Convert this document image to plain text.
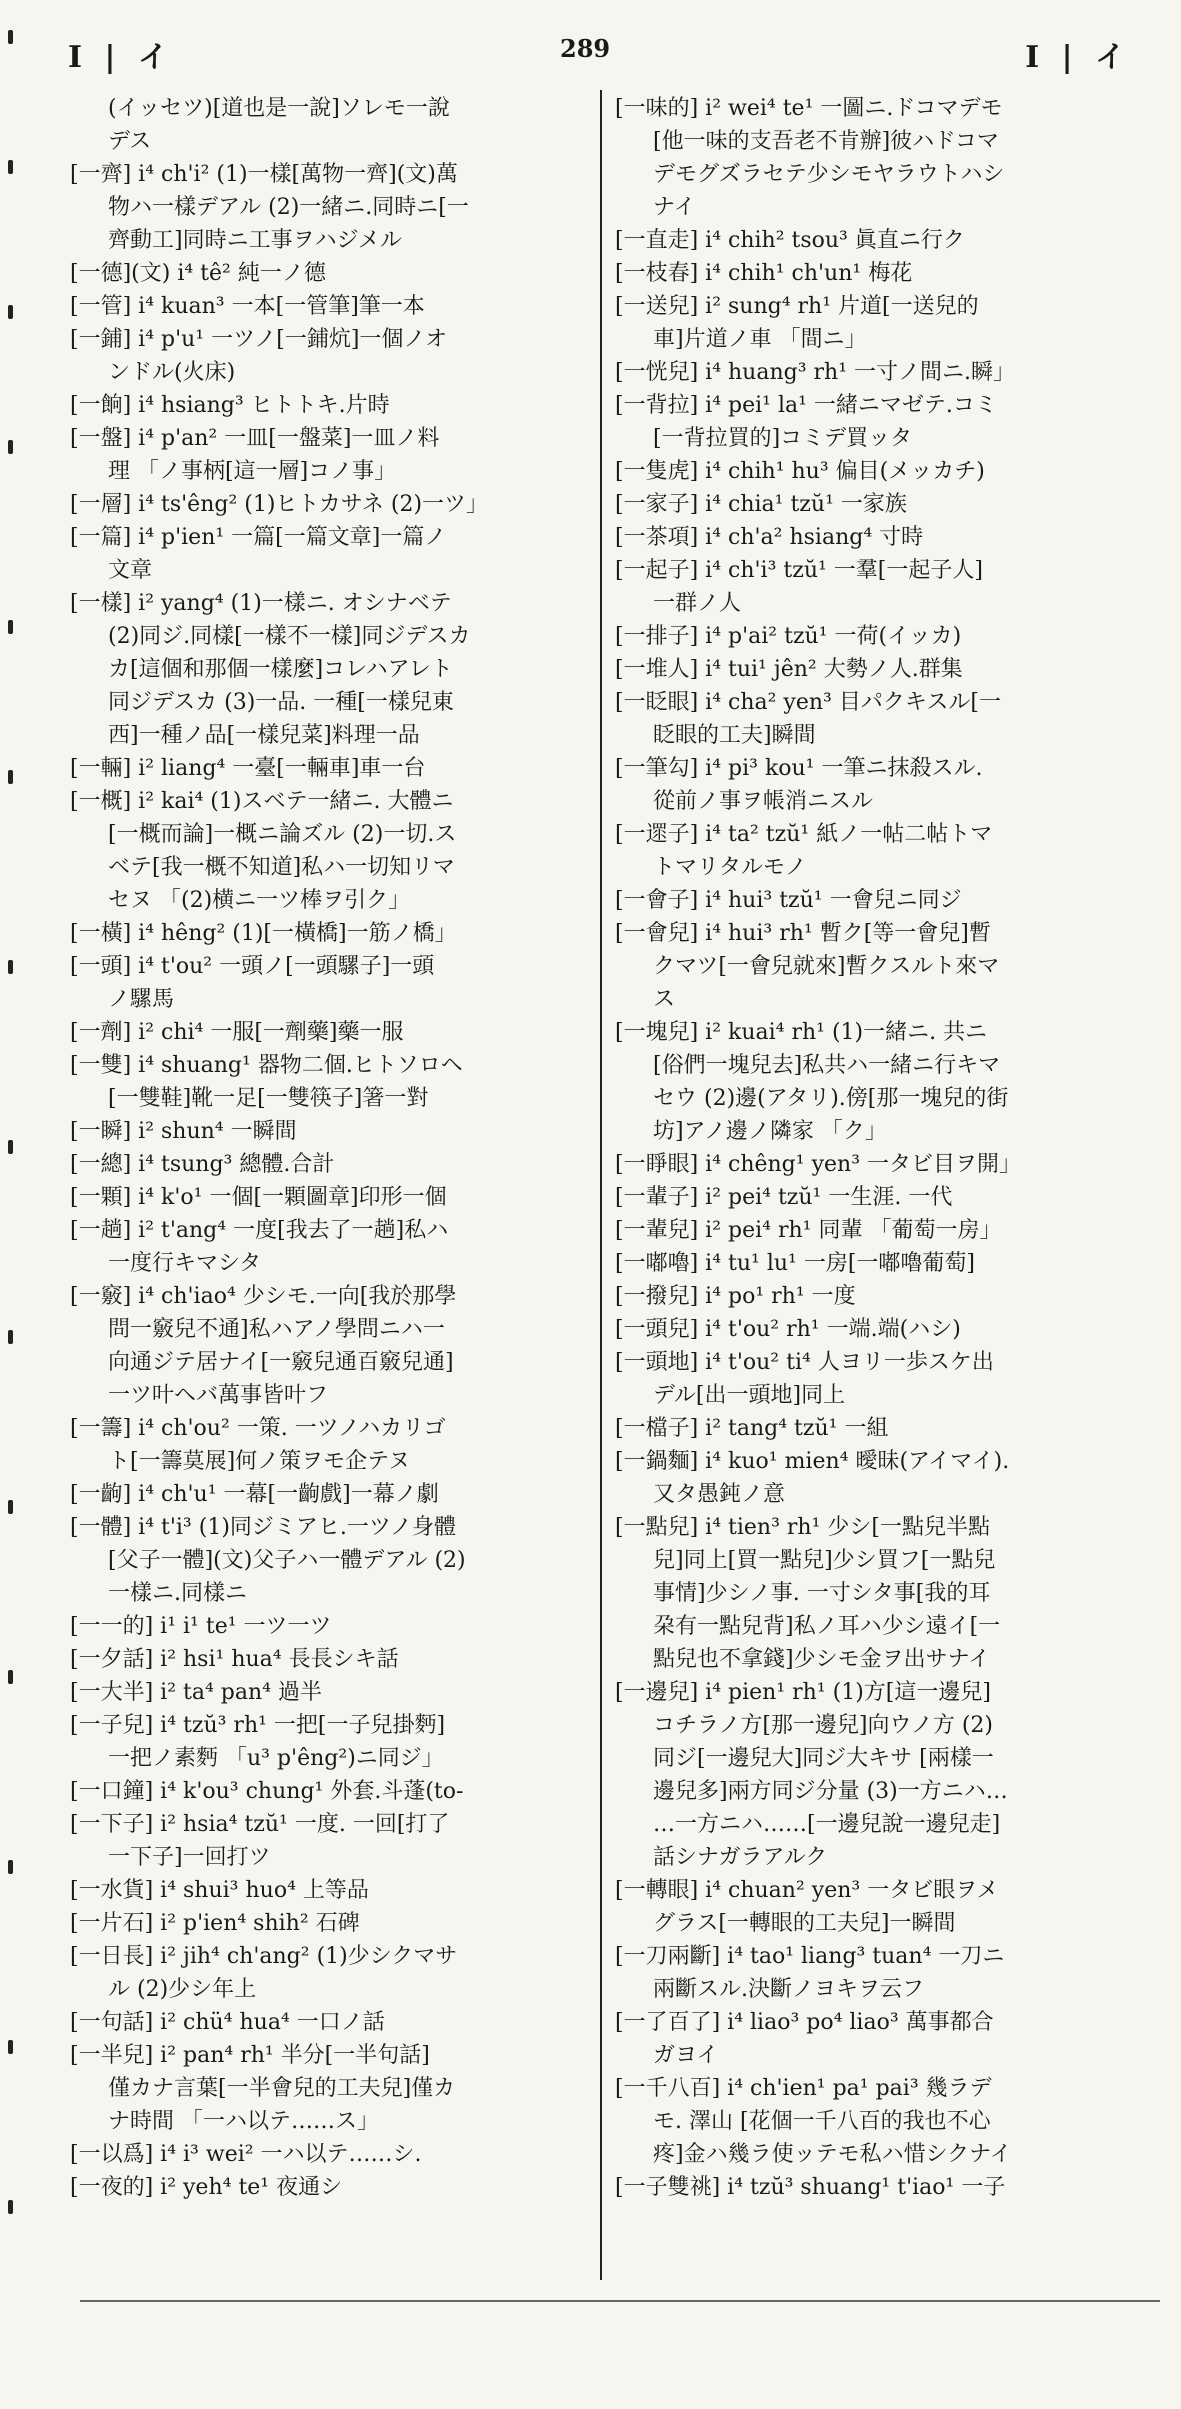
I | イ	289	I | イ
(イッセツ)[道也是一說]ソレモ一說
デス
[一齊] i⁴ ch'i² (1)一樣[萬物一齊](文)萬
物ハ一樣デアル (2)一緒ニ.同時ニ[一
齊動工]同時ニ工事ヲハジメル
[一德](文) i⁴ tê² 純一ノ德
[一管] i⁴ kuan³ 一本[一管筆]筆一本
[一鋪] i⁴ p'u¹ 一ツノ[一鋪炕]一個ノオ
ンドル(火床)
[一餉] i⁴ hsiang³ ヒトトキ.片時
[一盤] i⁴ p'an² 一皿[一盤菜]一皿ノ料
理 「ノ事柄[這一層]コノ事」
[一層] i⁴ ts'êng² (1)ヒトカサネ (2)一ツ」
[一篇] i⁴ p'ien¹ 一篇[一篇文章]一篇ノ
文章
[一樣] i² yang⁴ (1)一樣ニ. オシナベテ
(2)同ジ.同樣[一樣不一樣]同ジデスカ
カ[這個和那個一樣麼]コレハアレト
同ジデスカ (3)一品. 一種[一樣兒東
西]一種ノ品[一樣兒菜]料理一品
[一輛] i² liang⁴ 一臺[一輛車]車一台
[一概] i² kai⁴ (1)スベテ一緒ニ. 大體ニ
[一概而論]一概ニ論ズル (2)一切.ス
ベテ[我一概不知道]私ハ一切知リマ
セヌ 「(2)横ニ一ツ棒ヲ引ク」
[一橫] i⁴ hêng² (1)[一橫橋]一筋ノ橋」
[一頭] i⁴ t'ou² 一頭ノ[一頭騾子]一頭
ノ騾馬
[一劑] i² chi⁴ 一服[一劑藥]藥一服
[一雙] i⁴ shuang¹ 器物二個.ヒトソロヘ
[一雙鞋]靴一足[一雙筷子]箸一對
[一瞬] i² shun⁴ 一瞬間
[一總] i⁴ tsung³ 總體.合計
[一顆] i⁴ k'o¹ 一個[一顆圖章]印形一個
[一趟] i² t'ang⁴ 一度[我去了一趟]私ハ
一度行キマシタ
[一竅] i⁴ ch'iao⁴ 少シモ.一向[我於那學
問一竅兒不通]私ハアノ學問ニハ一
向通ジテ居ナイ[一竅兒通百竅兒通]
一ツ叶ヘバ萬事皆叶フ
[一籌] i⁴ ch'ou² 一策. 一ツノハカリゴ
ト[一籌莫展]何ノ策ヲモ企テヌ
[一齣] i⁴ ch'u¹ 一幕[一齣戲]一幕ノ劇
[一體] i⁴ t'i³ (1)同ジミアヒ.一ツノ身體
[父子一體](文)父子ハ一體デアル (2)
一樣ニ.同樣ニ
[一一的] i¹ i¹ te¹ 一ツ一ツ
[一夕話] i² hsi¹ hua⁴ 長長シキ話
[一大半] i² ta⁴ pan⁴ 過半
[一子兒] i⁴ tzŭ³ rh¹ 一把[一子兒掛麪]
一把ノ素麪 「u³ p'êng²)ニ同ジ」
[一口鐘] i⁴ k'ou³ chung¹ 外套.斗蓬(to-
[一下子] i² hsia⁴ tzŭ¹ 一度. 一回[打了
一下子]一回打ツ
[一水貨] i⁴ shui³ huo⁴ 上等品
[一片石] i² p'ien⁴ shih² 石碑
[一日長] i² jih⁴ ch'ang² (1)少シクマサ
ル (2)少シ年上
[一句話] i² chü⁴ hua⁴ 一口ノ話
[一半兒] i² pan⁴ rh¹ 半分[一半句話]
僅カナ言葉[一半會兒的工夫兒]僅カ
ナ時間 「一ハ以テ……ス」
[一以爲] i⁴ i³ wei² 一ハ以テ……シ.
[一夜的] i² yeh⁴ te¹ 夜通シ
[一味的] i² wei⁴ te¹ 一圖ニ.ドコマデモ
[他一味的支吾老不肯辦]彼ハドコマ
デモグズラセテ少シモヤラウトハシ
ナイ
[一直走] i⁴ chih² tsou³ 眞直ニ行ク
[一枝春] i⁴ chih¹ ch'un¹ 梅花
[一送兒] i² sung⁴ rh¹ 片道[一送兒的
車]片道ノ車 「間ニ」
[一恍兒] i⁴ huang³ rh¹ 一寸ノ間ニ.瞬」
[一背拉] i⁴ pei¹ la¹ 一緒ニマゼテ.コミ
[一背拉買的]コミデ買ッタ
[一隻虎] i⁴ chih¹ hu³ 偏目(メッカチ)
[一家子] i⁴ chia¹ tzŭ¹ 一家族
[一茶項] i⁴ ch'a² hsiang⁴ 寸時
[一起子] i⁴ ch'i³ tzŭ¹ 一羣[一起子人]
一群ノ人
[一排子] i⁴ p'ai² tzŭ¹ 一荷(イッカ)
[一堆人] i⁴ tui¹ jên² 大勢ノ人.群集
[一眨眼] i⁴ cha² yen³ 目パクキスル[一
眨眼的工夫]瞬間
[一筆勾] i⁴ pi³ kou¹ 一筆ニ抹殺スル.
從前ノ事ヲ帳消ニスル
[一遝子] i⁴ ta² tzŭ¹ 紙ノ一帖二帖トマ
トマリタルモノ
[一會子] i⁴ hui³ tzŭ¹ 一會兒ニ同ジ
[一會兒] i⁴ hui³ rh¹ 暫ク[等一會兒]暫
クマツ[一會兒就來]暫クスルト來マ
ス
[一塊兒] i² kuai⁴ rh¹ (1)一緒ニ. 共ニ
[俗們一塊兒去]私共ハ一緒ニ行キマ
セウ (2)邊(アタリ).傍[那一塊兒的街
坊]アノ邊ノ隣家 「ク」
[一睜眼] i⁴ chêng¹ yen³ 一タビ目ヲ開」
[一輩子] i² pei⁴ tzŭ¹ 一生涯. 一代
[一輩兒] i² pei⁴ rh¹ 同輩 「葡萄一房」
[一嘟嚕] i⁴ tu¹ lu¹ 一房[一嘟嚕葡萄]
[一撥兒] i⁴ po¹ rh¹ 一度
[一頭兒] i⁴ t'ou² rh¹ 一端.端(ハシ)
[一頭地] i⁴ t'ou² ti⁴ 人ヨリ一歩スケ出
デル[出一頭地]同上
[一檔子] i² tang⁴ tzŭ¹ 一組
[一鍋麵] i⁴ kuo¹ mien⁴ 曖昧(アイマイ).
又タ愚鈍ノ意
[一點兒] i⁴ tien³ rh¹ 少シ[一點兒半點
兒]同上[買一點兒]少シ買フ[一點兒
事情]少シノ事. 一寸シタ事[我的耳
朶有一點兒背]私ノ耳ハ少シ遠イ[一
點兒也不拿錢]少シモ金ヲ出サナイ
[一邊兒] i⁴ pien¹ rh¹ (1)方[這一邊兒]
コチラノ方[那一邊兒]向ウノ方 (2)
同ジ[一邊兒大]同ジ大キサ [兩樣一
邊兒多]兩方同ジ分量 (3)一方ニハ…
…一方ニハ……[一邊兒說一邊兒走]
話シナガラアルク
[一轉眼] i⁴ chuan² yen³ 一タビ眼ヲメ
グラス[一轉眼的工夫兒]一瞬間
[一刀兩斷] i⁴ tao¹ liang³ tuan⁴ 一刀ニ
兩斷スル.決斷ノヨキヲ云フ
[一了百了] i⁴ liao³ po⁴ liao³ 萬事都合
ガヨイ
[一千八百] i⁴ ch'ien¹ pa¹ pai³ 幾ラデ
モ. 澤山 [花個一千八百的我也不心
疼]金ハ幾ラ使ッテモ私ハ惜シクナイ
[一子雙祧] i⁴ tzŭ³ shuang¹ t'iao¹ 一子
